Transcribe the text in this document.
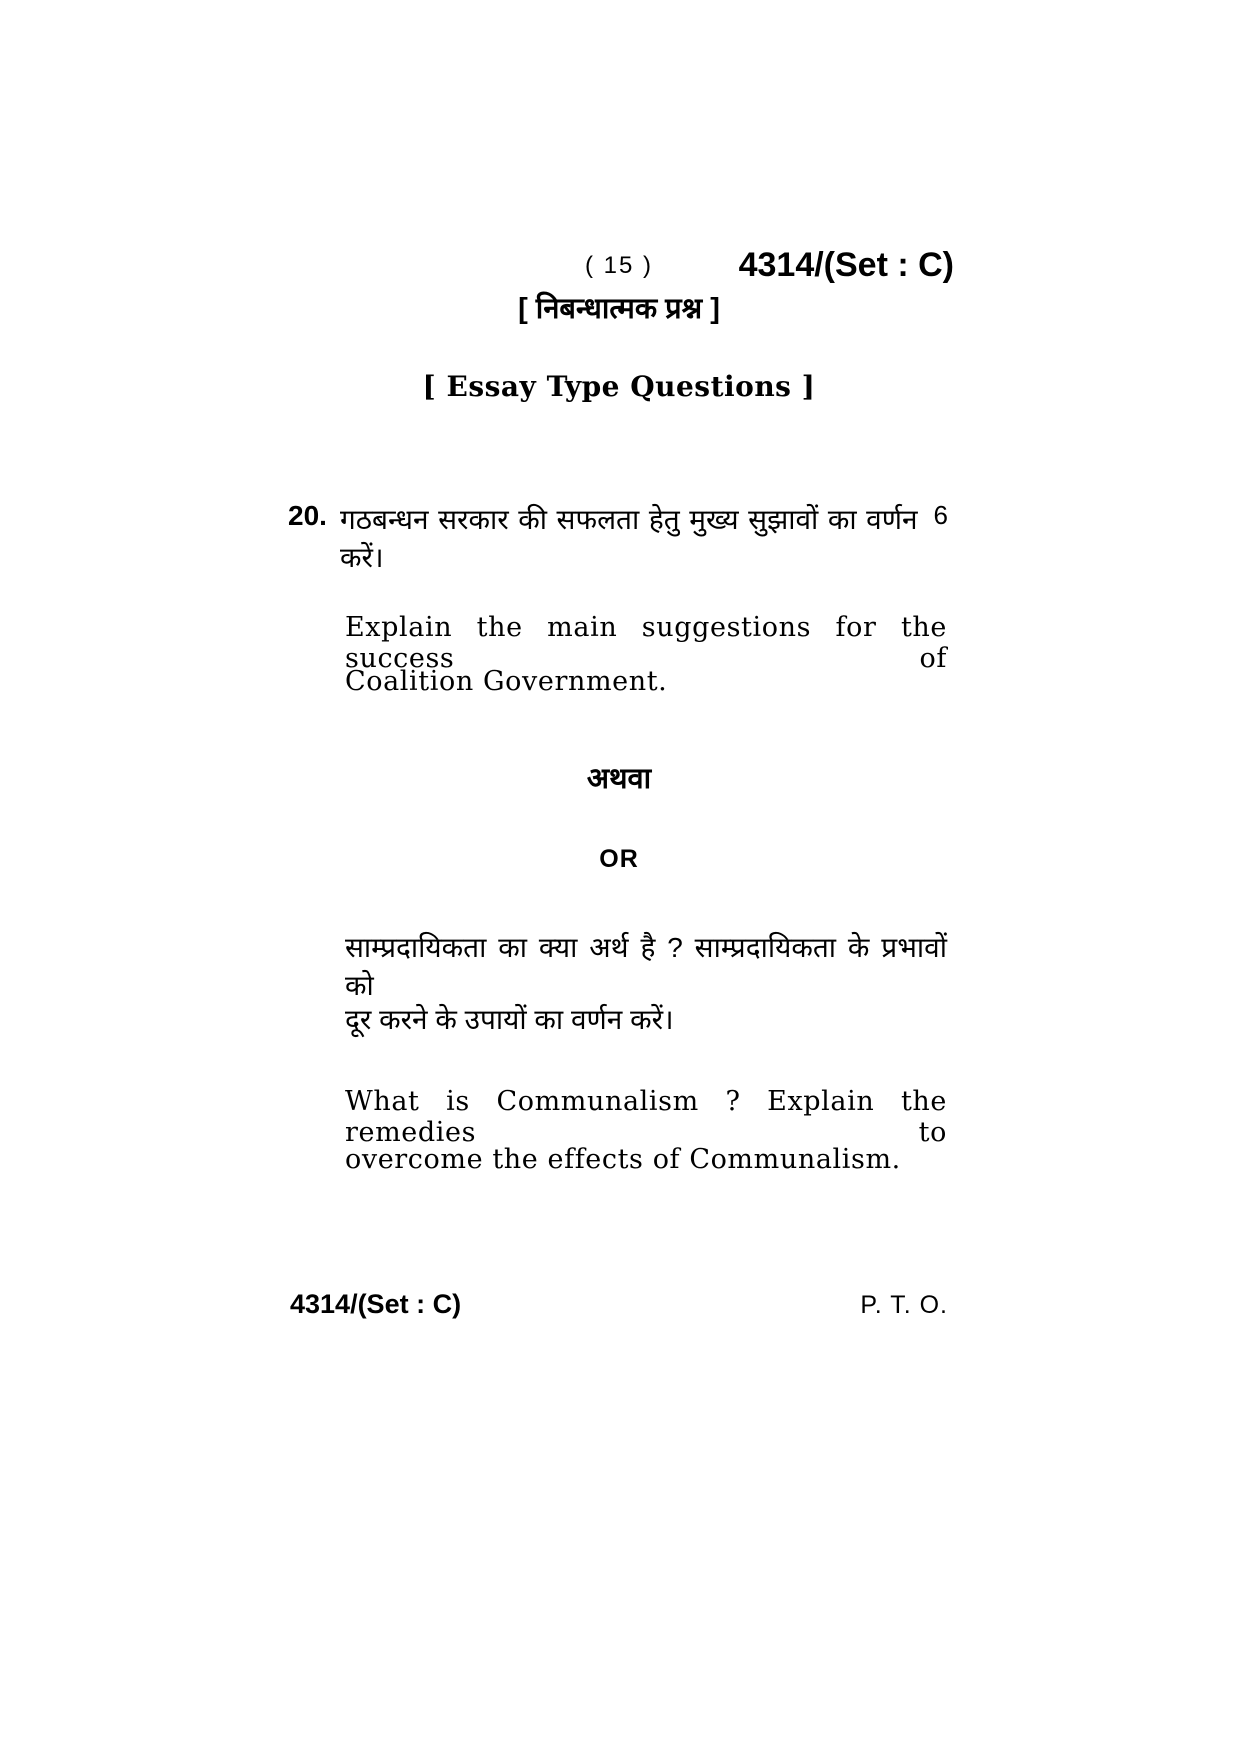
( 15 )	4314/(Set : C)
[ निबन्धात्मक प्रश्न ]
[ Essay Type Questions ]
20. गठबन्धन सरकार की सफलता हेतु मुख्य सुझावों का वर्णन करें।
6
Explain the main suggestions for the success of
Coalition Government.
अथवा
OR
साम्प्रदायिकता का क्या अर्थ है ? साम्प्रदायिकता के प्रभावों को
दूर करने के उपायों का वर्णन करें।
What is Communalism ? Explain the remedies to
overcome the effects of Communalism.
4314/(Set : C)	P. T. O.
